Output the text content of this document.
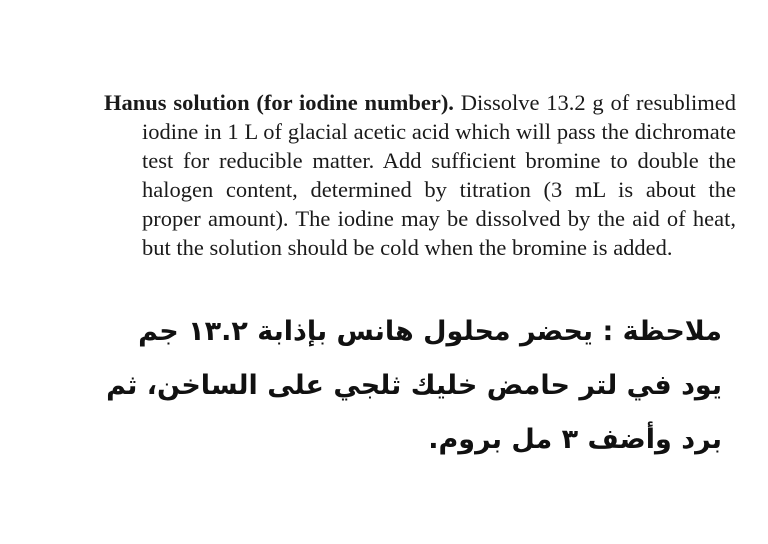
Hanus solution (for iodine number). Dissolve 13.2 g of resublimed iodine in 1 L of glacial acetic acid which will pass the dichromate test for reducible matter. Add sufficient bromine to double the halogen content, determined by titration (3 mL is about the proper amount). The iodine may be dissolved by the aid of heat, but the solution should be cold when the bromine is added.
ملاحظة : يحضر محلول هانس بإذابة ١٣.٢ جم يود في لتر حامض خليك ثلجي على الساخن، ثم برد وأضف ٣ مل بروم.
